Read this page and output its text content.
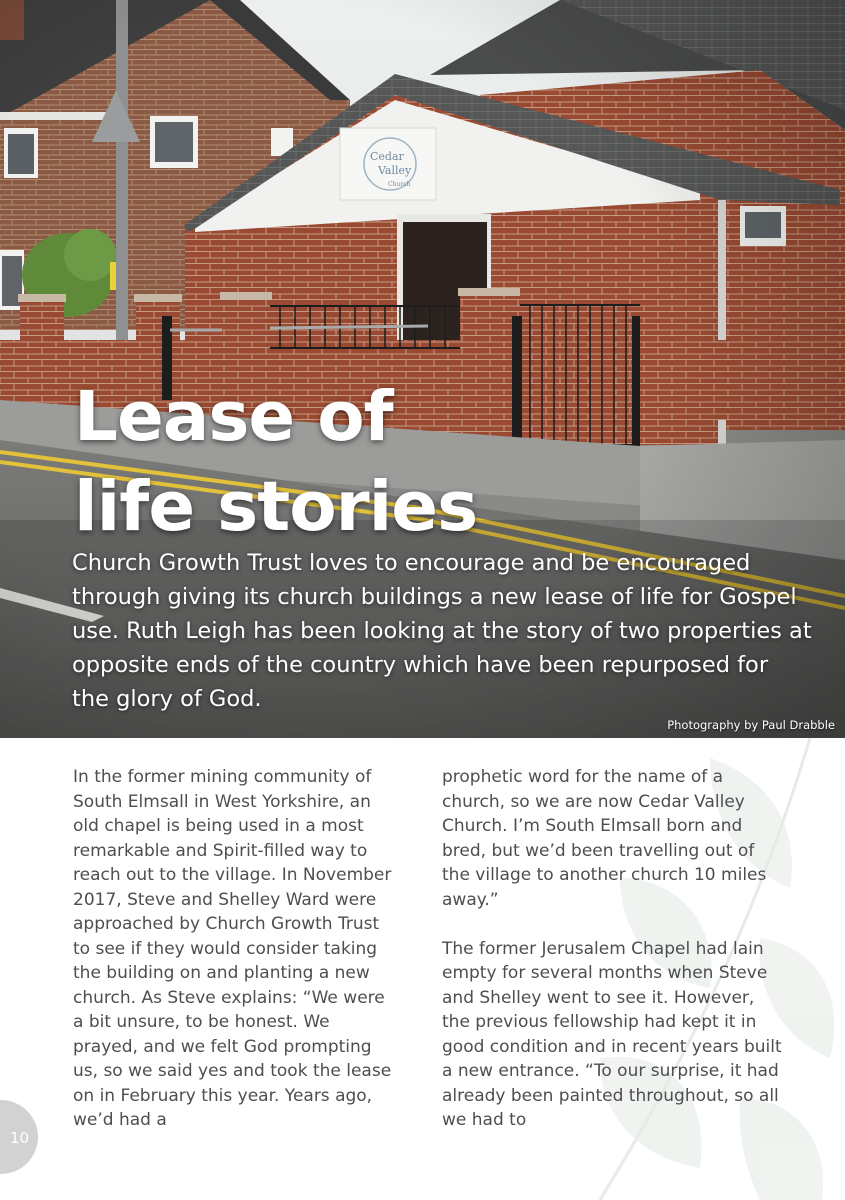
Lease of
life stories

Church Growth Trust loves to encourage and be encouraged through giving its church buildings a new lease of life for Gospel use. Ruth Leigh has been looking at the story of two properties at opposite ends of the country which have been repurposed for the glory of God.

Photography by Paul Drabble
In the former mining community of South Elmsall in West Yorkshire, an old chapel is being used in a most remarkable and Spirit-filled way to reach out to the village. In November 2017, Steve and Shelley Ward were approached by Church Growth Trust to see if they would consider taking the building on and planting a new church. As Steve explains: “We were a bit unsure, to be honest. We prayed, and we felt God prompting us, so we said yes and took the lease on in February this year. Years ago, we’d had a

prophetic word for the name of a church, so we are now Cedar Valley Church. I’m South Elmsall born and bred, but we’d been travelling out of the village to another church 10 miles away.”

The former Jerusalem Chapel had lain empty for several months when Steve and Shelley went to see it. However, the previous fellowship had kept it in good condition and in recent years built a new entrance. “To our surprise, it had already been painted throughout, so all we had to

10
